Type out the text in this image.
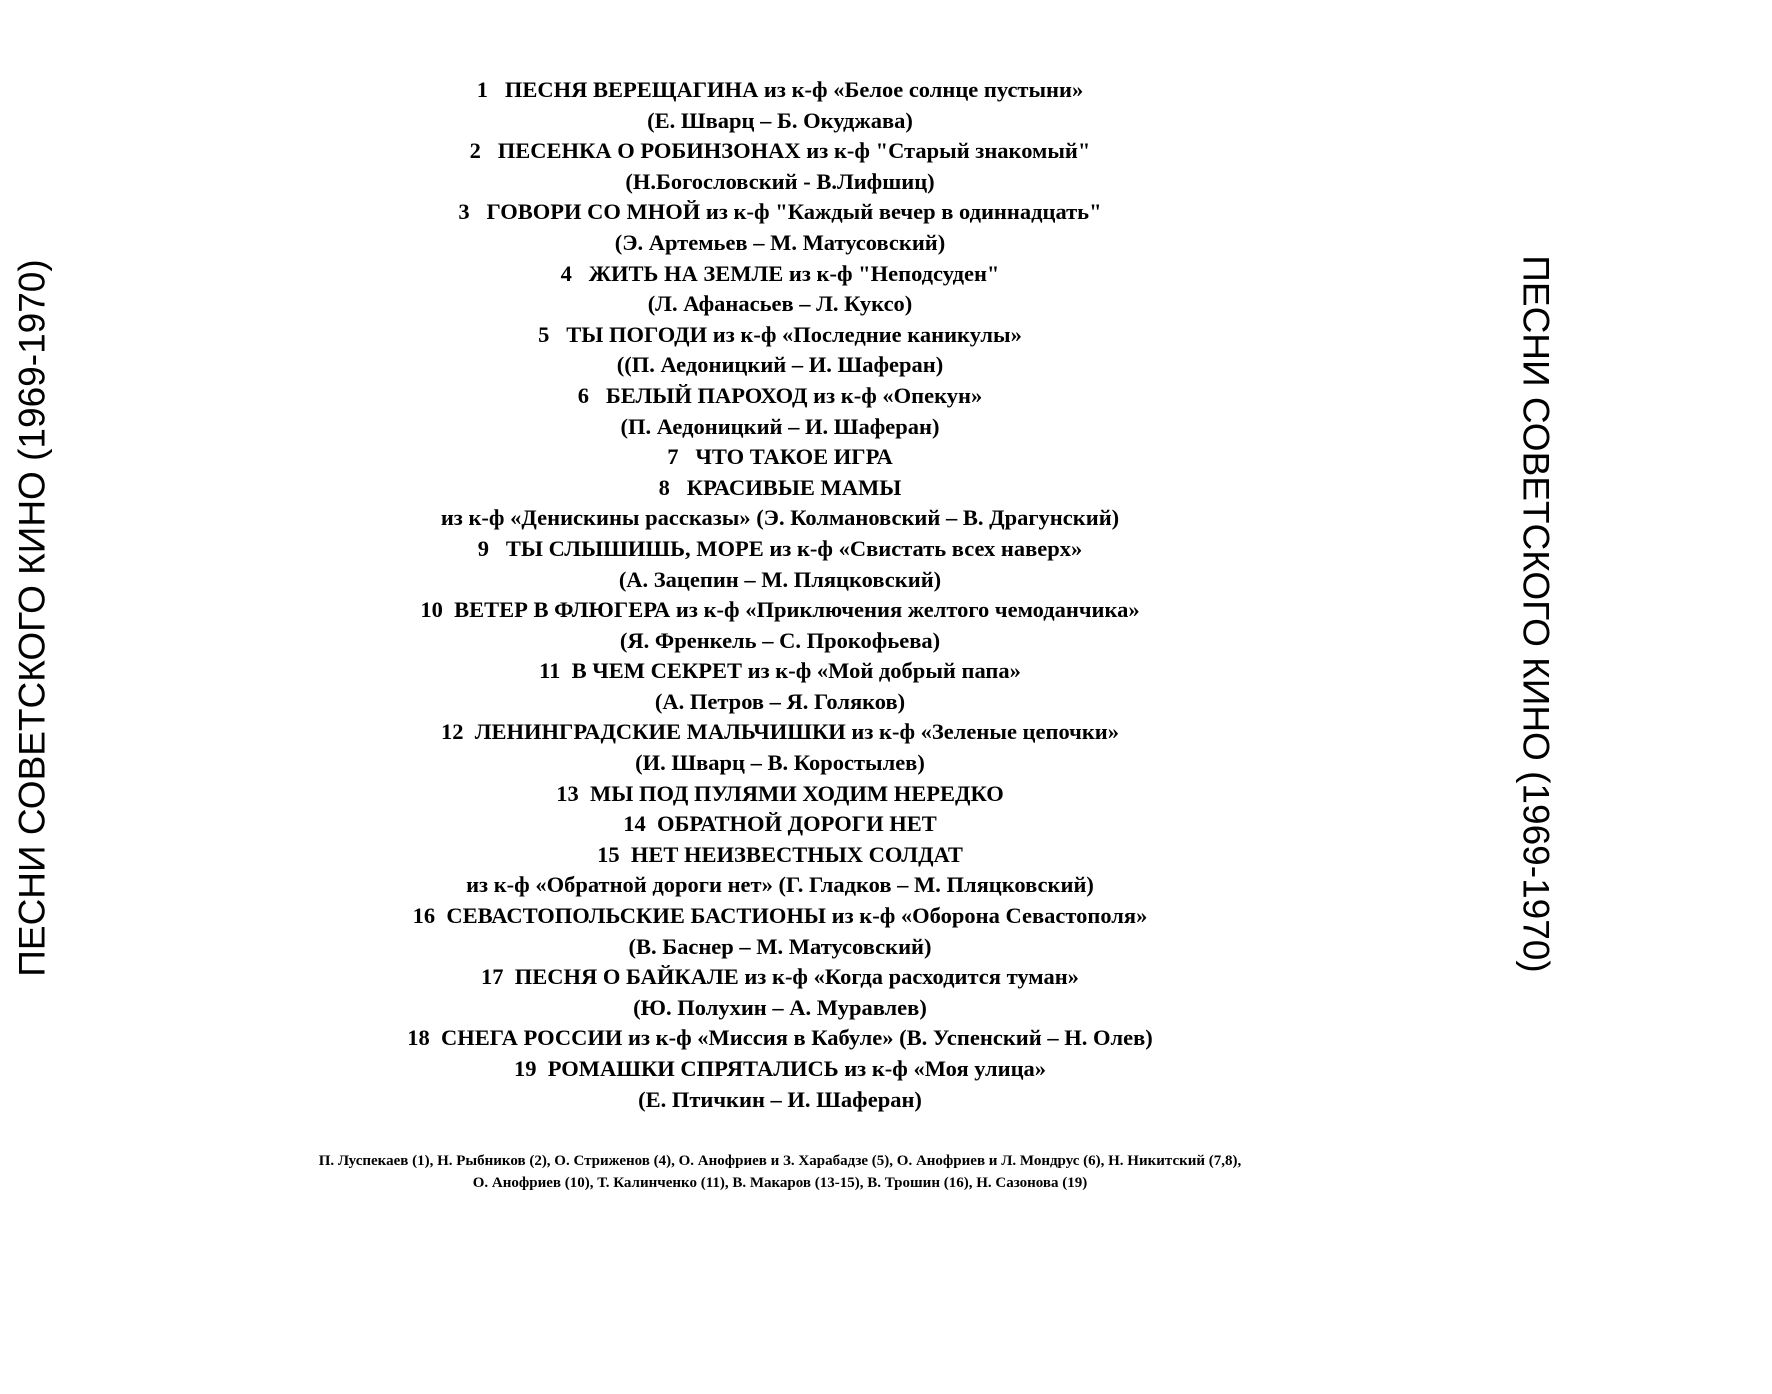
ПЕСНИ СОВЕТСКОГО КИНО (1969-1970)	ПЕСНИ СОВЕТСКОГО КИНО (1969-1970)
1   ПЕСНЯ ВЕРЕЩАГИНА из к-ф «Белое солнце пустыни»
(Е. Шварц – Б. Окуджава)
2   ПЕСЕНКА О РОБИНЗОНАХ из к-ф "Старый знакомый"
(Н.Богословский - В.Лифшиц)
3   ГОВОРИ СО МНОЙ из к-ф "Каждый вечер в одиннадцать"
(Э. Артемьев – М. Матусовский)
4   ЖИТЬ НА ЗЕМЛЕ из к-ф "Неподсуден"
(Л. Афанасьев – Л. Куксо)
5   ТЫ ПОГОДИ из к-ф «Последние каникулы»
((П. Аедоницкий – И. Шаферан)
6   БЕЛЫЙ ПАРОХОД из к-ф «Опекун»
(П. Аедоницкий – И. Шаферан)
7   ЧТО ТАКОЕ ИГРА
8   КРАСИВЫЕ МАМЫ
из к-ф «Денискины рассказы» (Э. Колмановский – В. Драгунский)
9   ТЫ СЛЫШИШЬ, МОРЕ из к-ф «Свистать всех наверх»
(А. Зацепин – М. Пляцковский)
10  ВЕТЕР В ФЛЮГЕРА из к-ф «Приключения желтого чемоданчика»
(Я. Френкель – С. Прокофьева)
11  В ЧЕМ СЕКРЕТ из к-ф «Мой добрый папа»
(А. Петров – Я. Голяков)
12  ЛЕНИНГРАДСКИЕ МАЛЬЧИШКИ из к-ф «Зеленые цепочки»
(И. Шварц – В. Коростылев)
13  МЫ ПОД ПУЛЯМИ ХОДИМ НЕРЕДКО
14  ОБРАТНОЙ ДОРОГИ НЕТ
15  НЕТ НЕИЗВЕСТНЫХ СОЛДАТ
из к-ф «Обратной дороги нет» (Г. Гладков – М. Пляцковский)
16  СЕВАСТОПОЛЬСКИЕ БАСТИОНЫ из к-ф «Оборона Севастополя»
(В. Баснер – М. Матусовский)
17  ПЕСНЯ О БАЙКАЛЕ из к-ф «Когда расходится туман»
(Ю. Полухин – А. Муравлев)
18  СНЕГА РОССИИ из к-ф «Миссия в Кабуле» (В. Успенский – Н. Олев)
19  РОМАШКИ СПРЯТАЛИСЬ из к-ф «Моя улица»
(Е. Птичкин – И. Шаферан)
П. Луспекаев (1), Н. Рыбников (2), О. Стриженов (4), О. Анофриев и З. Харабадзе (5), О. Анофриев и Л. Мондрус (6), Н. Никитский (7,8),
О. Анофриев (10), Т. Калинченко (11), В. Макаров (13-15), В. Трошин (16), Н. Сазонова (19)
